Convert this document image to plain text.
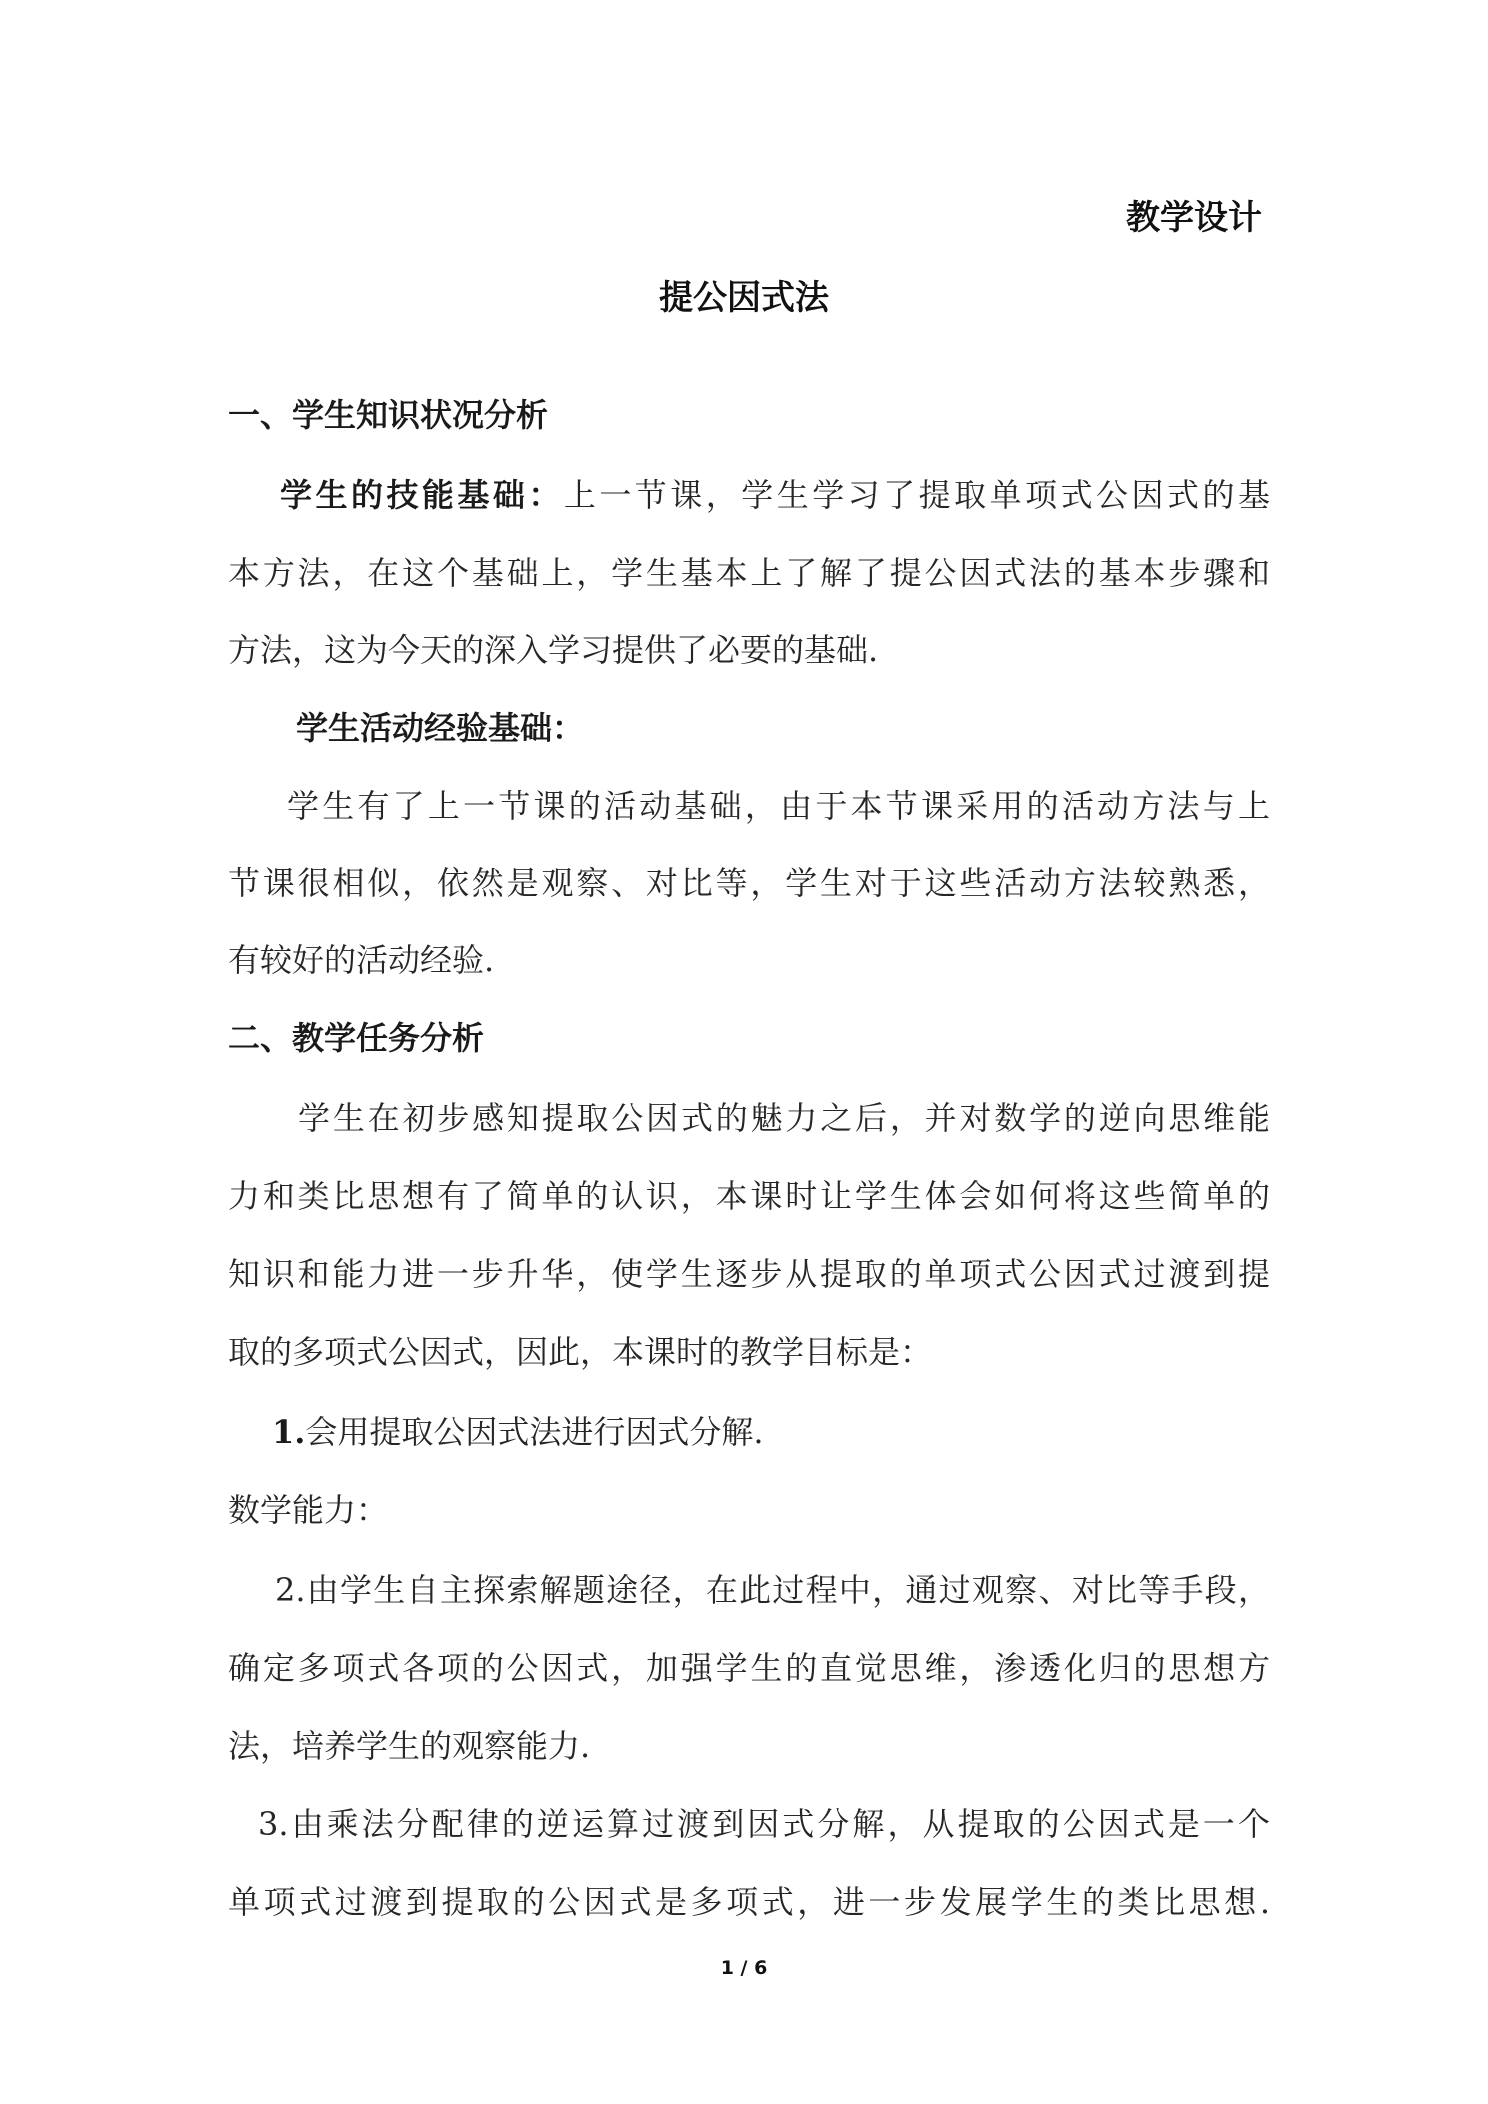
教学设计
提公因式法
一、学生知识状况分析
学生的技能基础：上一节课，学生学习了提取单项式公因式的基
本方法，在这个基础上，学生基本上了解了提公因式法的基本步骤和
方法，这为今天的深入学习提供了必要的基础.
学生活动经验基础：
学生有了上一节课的活动基础，由于本节课采用的活动方法与上
节课很相似，依然是观察、对比等，学生对于这些活动方法较熟悉，
有较好的活动经验.
二、教学任务分析
学生在初步感知提取公因式的魅力之后，并对数学的逆向思维能
力和类比思想有了简单的认识，本课时让学生体会如何将这些简单的
知识和能力进一步升华，使学生逐步从提取的单项式公因式过渡到提
取的多项式公因式，因此，本课时的教学目标是：
1.会用提取公因式法进行因式分解.
数学能力：
2.由学生自主探索解题途径，在此过程中，通过观察、对比等手段，
确定多项式各项的公因式，加强学生的直觉思维，渗透化归的思想方
法，培养学生的观察能力.
3.由乘法分配律的逆运算过渡到因式分解，从提取的公因式是一个
单项式过渡到提取的公因式是多项式，进一步发展学生的类比思想.
1 / 6
